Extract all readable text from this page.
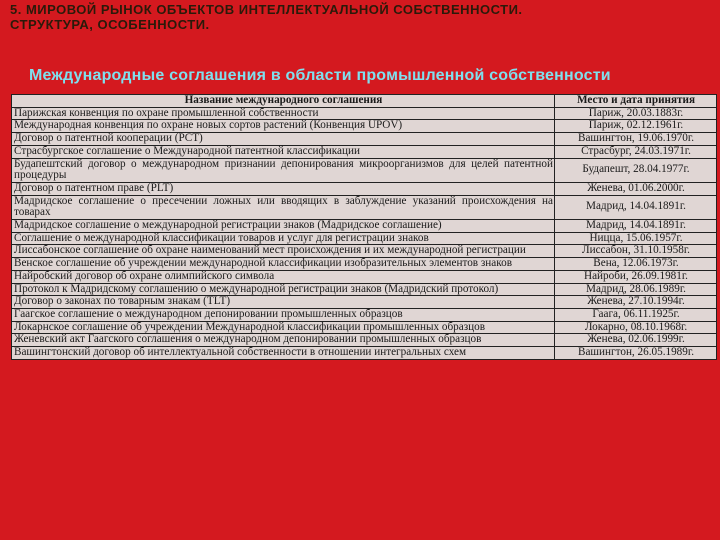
5. МИРОВОЙ РЫНОК ОБЪЕКТОВ ИНТЕЛЛЕКТУАЛЬНОЙ СОБСТВЕННОСТИ.
СТРУКТУРА, ОСОБЕННОСТИ.
Международные соглашения в области промышленной собственности
Название международного соглашения	Место и дата принятия
Парижская конвенция по охране промышленной собственности	Париж, 20.03.1883г.
Международная конвенция по охране новых сортов растений (Конвенция UPOV)	Париж, 02.12.1961г.
Договор о патентной кооперации (PCT)	Вашингтон, 19.06.1970г.
Страсбургское соглашение о Международной патентной классификации	Страсбург, 24.03.1971г.
Будапештский договор о международном признании депонирования микроорганизмов для целей патентной процедуры	Будапешт, 28.04.1977г.
Договор о патентном праве (PLT)	Женева, 01.06.2000г.
Мадридское соглашение о пресечении ложных или вводящих в заблуждение указаний происхождения на товарах	Мадрид, 14.04.1891г.
Мадридское соглашение о международной регистрации знаков (Мадридское соглашение)	Мадрид, 14.04.1891г.
Соглашение о международной классификации товаров и услуг для регистрации знаков	Ницца, 15.06.1957г.
Лиссабонское соглашение об охране наименований мест происхождения и их международной регистрации	Лиссабон, 31.10.1958г.
Венское соглашение об учреждении международной классификации изобразительных элементов знаков	Вена, 12.06.1973г.
Найробский договор об охране олимпийского символа	Найроби, 26.09.1981г.
Протокол к Мадридскому соглашению о международной регистрации знаков (Мадридский протокол)	Мадрид, 28.06.1989г.
Договор о законах по товарным знакам (TLT)	Женева, 27.10.1994г.
Гаагское соглашение о международном депонировании промышленных образцов	Гаага, 06.11.1925г.
Локарнское соглашение об учреждении Международной классификации промышленных образцов	Локарно, 08.10.1968г.
Женевский акт Гаагского соглашения о международном депонировании промышленных образцов	Женева, 02.06.1999г.
Вашингтонский договор об интеллектуальной собственности в отношении интегральных схем	Вашингтон, 26.05.1989г.
